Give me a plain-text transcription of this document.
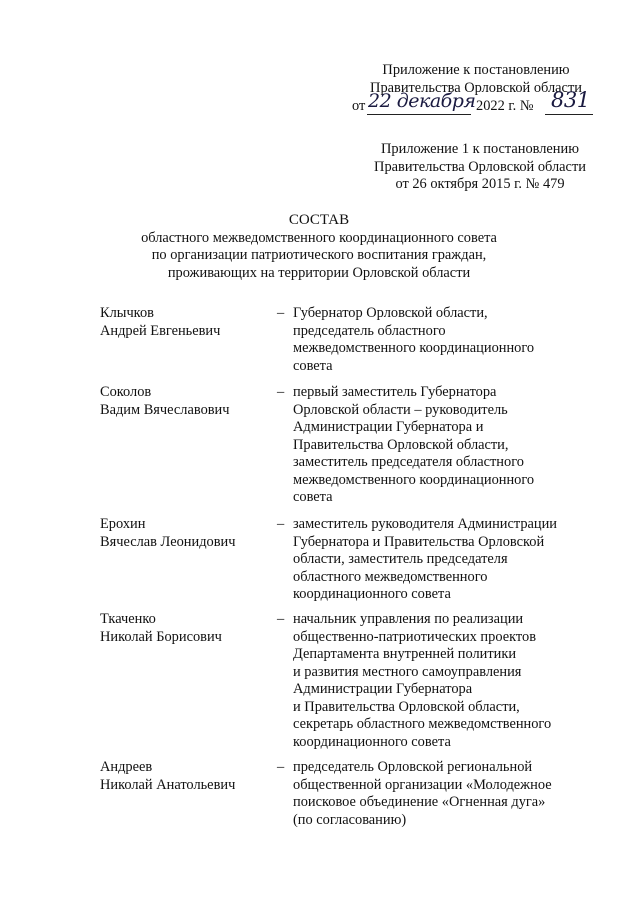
Приложение к постановлению
Правительства Орловской области
от 22 декабря 2022 г. № 831
Приложение 1 к постановлению
Правительства Орловской области
от 26 октября 2015 г. № 479
СОСТАВ
областного межведомственного координационного совета
по организации патриотического воспитания граждан,
проживающих на территории Орловской области
Клычков
Андрей Евгеньевич
– Губернатор Орловской области,
председатель областного
межведомственного координационного
совета
Соколов
Вадим Вячеславович
– первый заместитель Губернатора
Орловской области – руководитель
Администрации Губернатора и
Правительства Орловской области,
заместитель председателя областного
межведомственного координационного
совета
Ерохин
Вячеслав Леонидович
– заместитель руководителя Администрации
Губернатора и Правительства Орловской
области, заместитель председателя
областного межведомственного
координационного совета
Ткаченко
Николай Борисович
– начальник управления по реализации
общественно-патриотических проектов
Департамента внутренней политики
и развития местного самоуправления
Администрации Губернатора
и Правительства Орловской области,
секретарь областного межведомственного
координационного совета
Андреев
Николай Анатольевич
– председатель Орловской региональной
общественной организации «Молодежное
поисковое объединение «Огненная дуга»
(по согласованию)
